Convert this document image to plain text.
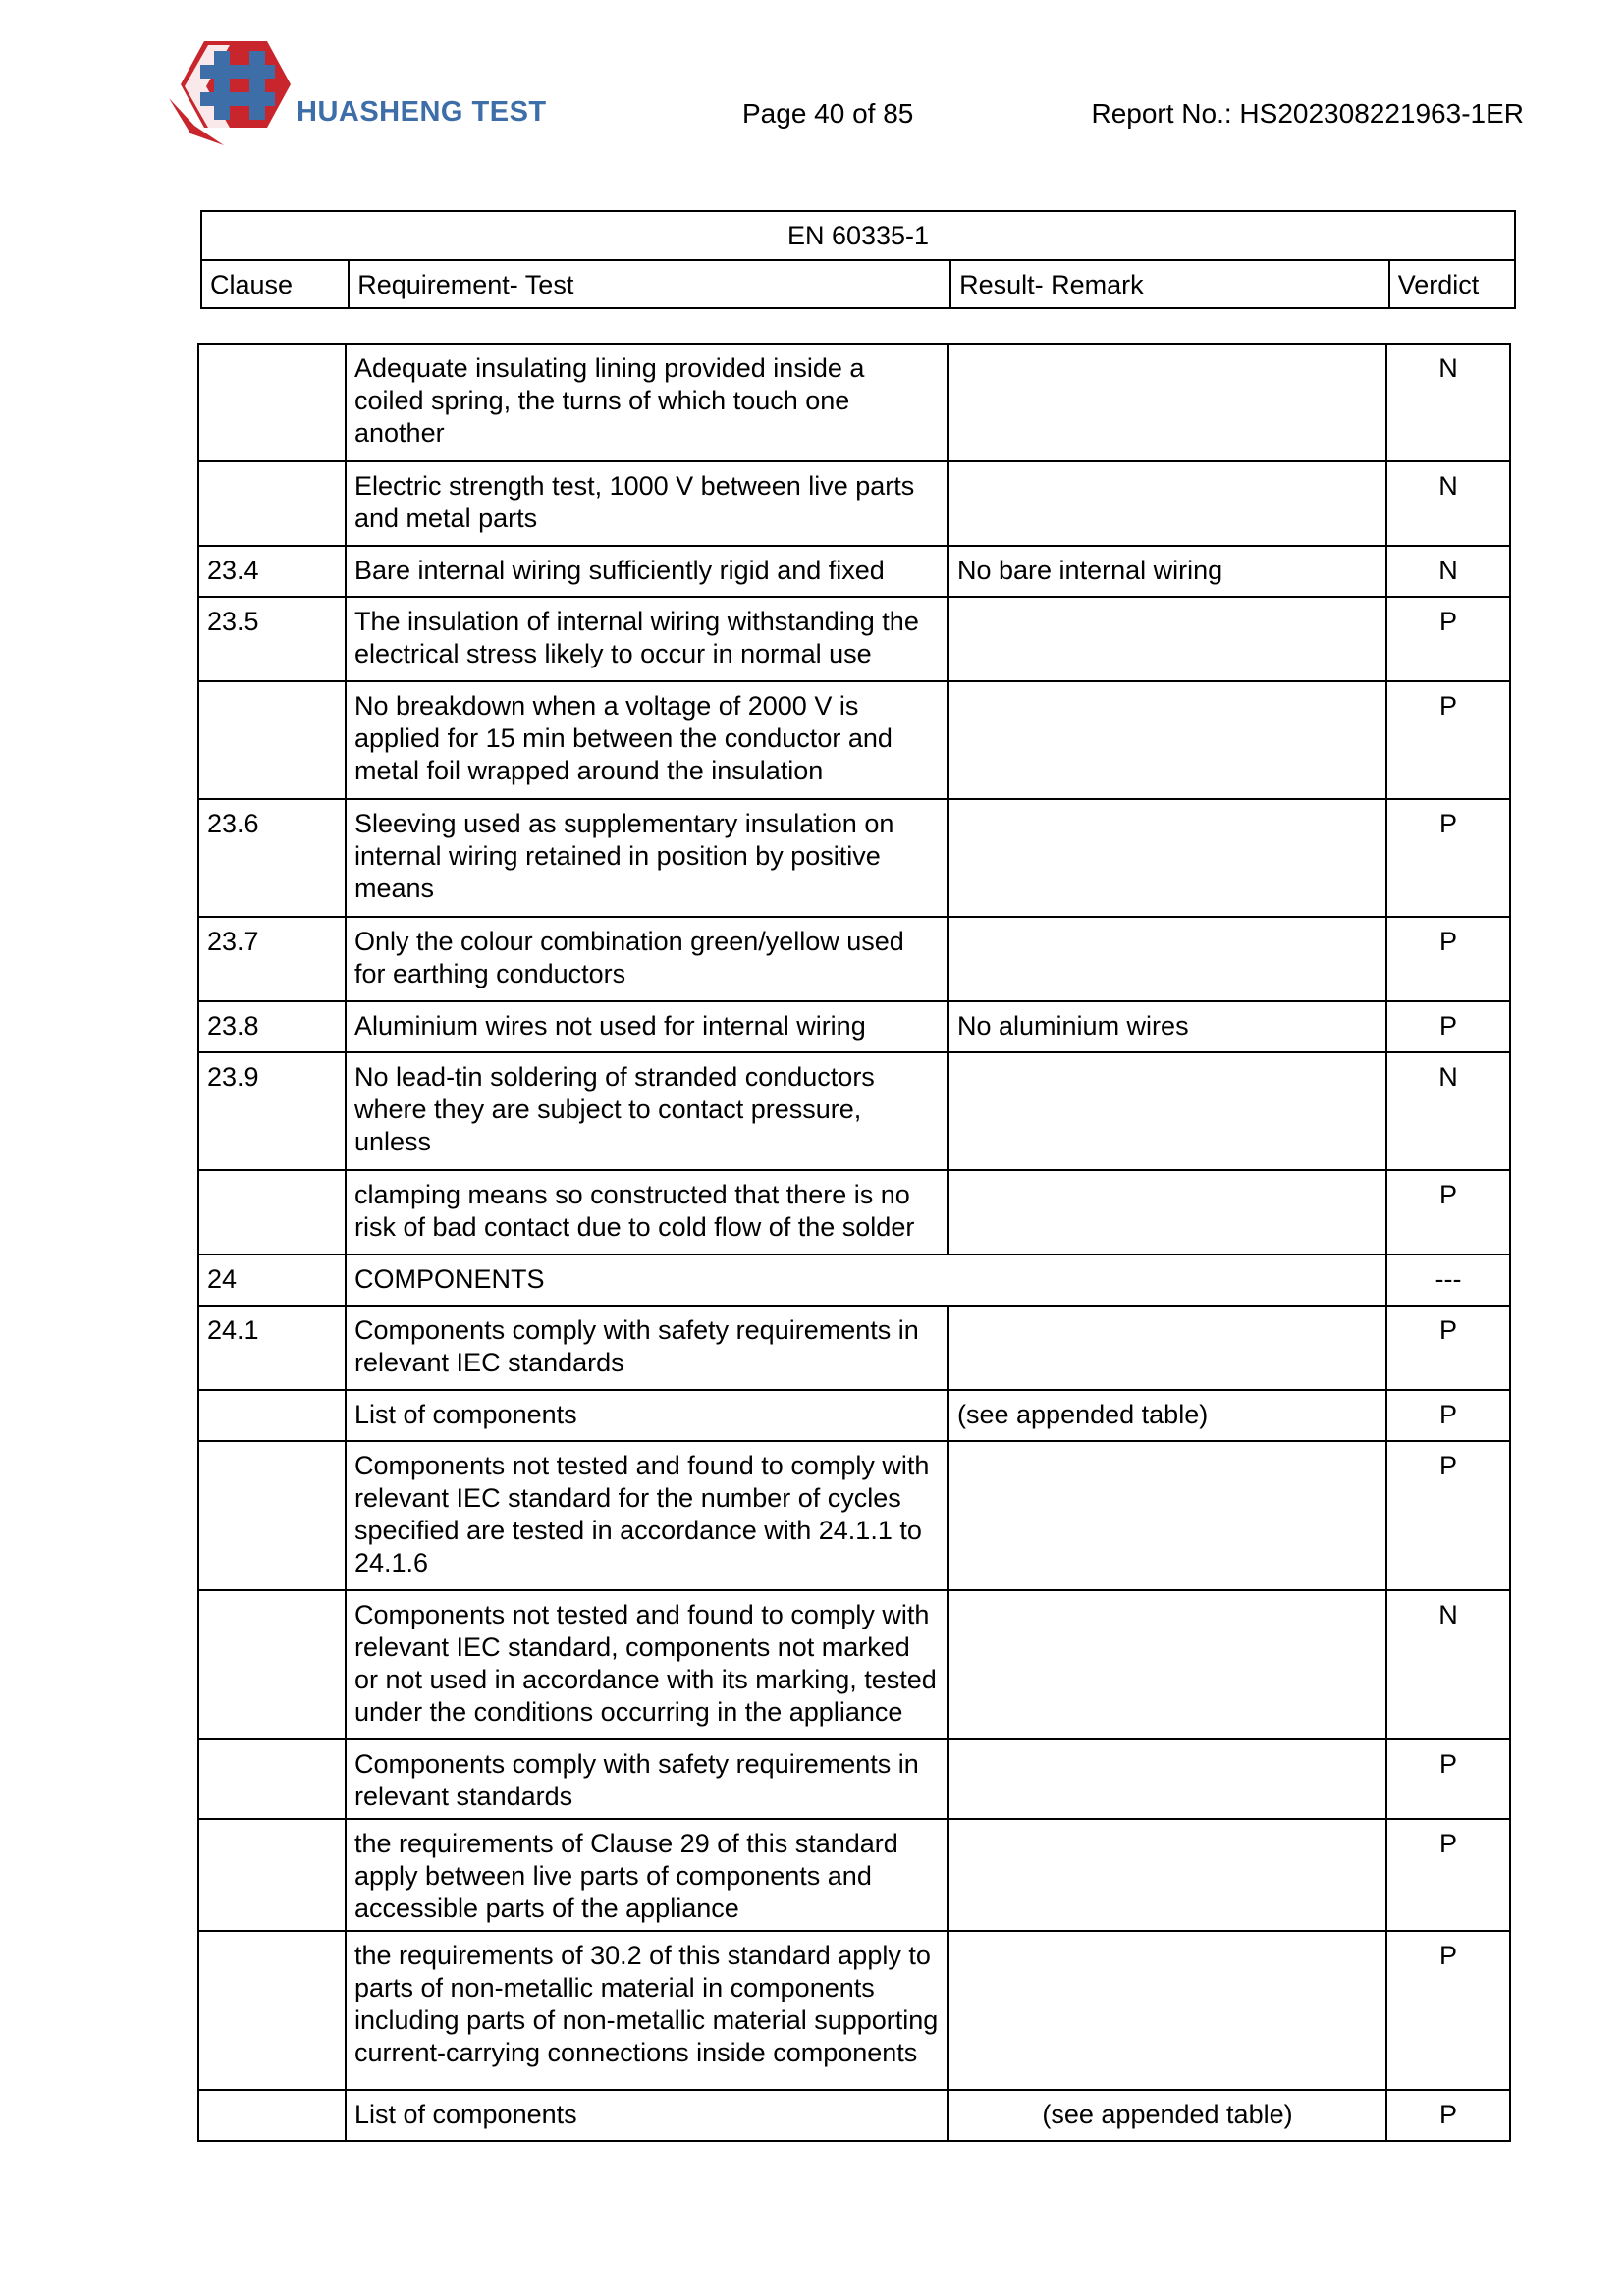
HUASHENG TEST	Page 40 of 85	Report No.: HS202308221963-1ER
EN 60335-1
Clause	Requirement- Test	Result- Remark	Verdict
	Adequate insulating lining provided inside a coiled spring, the turns of which touch one another		N
	Electric strength test, 1000 V between live parts and metal parts		N
23.4	Bare internal wiring sufficiently rigid and fixed	No bare internal wiring	N
23.5	The insulation of internal wiring withstanding the electrical stress likely to occur in normal use		P
	No breakdown when a voltage of 2000 V is applied for 15 min between the conductor and metal foil wrapped around the insulation		P
23.6	Sleeving used as supplementary insulation on internal wiring retained in position by positive means		P
23.7	Only the colour combination green/yellow used for earthing conductors		P
23.8	Aluminium wires not used for internal wiring	No aluminium wires	P
23.9	No lead-tin soldering of stranded conductors where they are subject to contact pressure, unless		N
	clamping means so constructed that there is no risk of bad contact due to cold flow of the solder		P
24	COMPONENTS		---
24.1	Components comply with safety requirements in relevant IEC standards		P
	List of components	(see appended table)	P
	Components not tested and found to comply with relevant IEC standard for the number of cycles specified are tested in accordance with 24.1.1 to 24.1.6		P
	Components not tested and found to comply with relevant IEC standard, components not marked or not used in accordance with its marking, tested under the conditions occurring in the appliance		N
	Components comply with safety requirements in relevant standards		P
	the requirements of Clause 29 of this standard apply between live parts of components and accessible parts of the appliance		P
	the requirements of 30.2 of this standard apply to parts of non-metallic material in components including parts of non-metallic material supporting current-carrying connections inside components		P
	List of components	(see appended table)	P
